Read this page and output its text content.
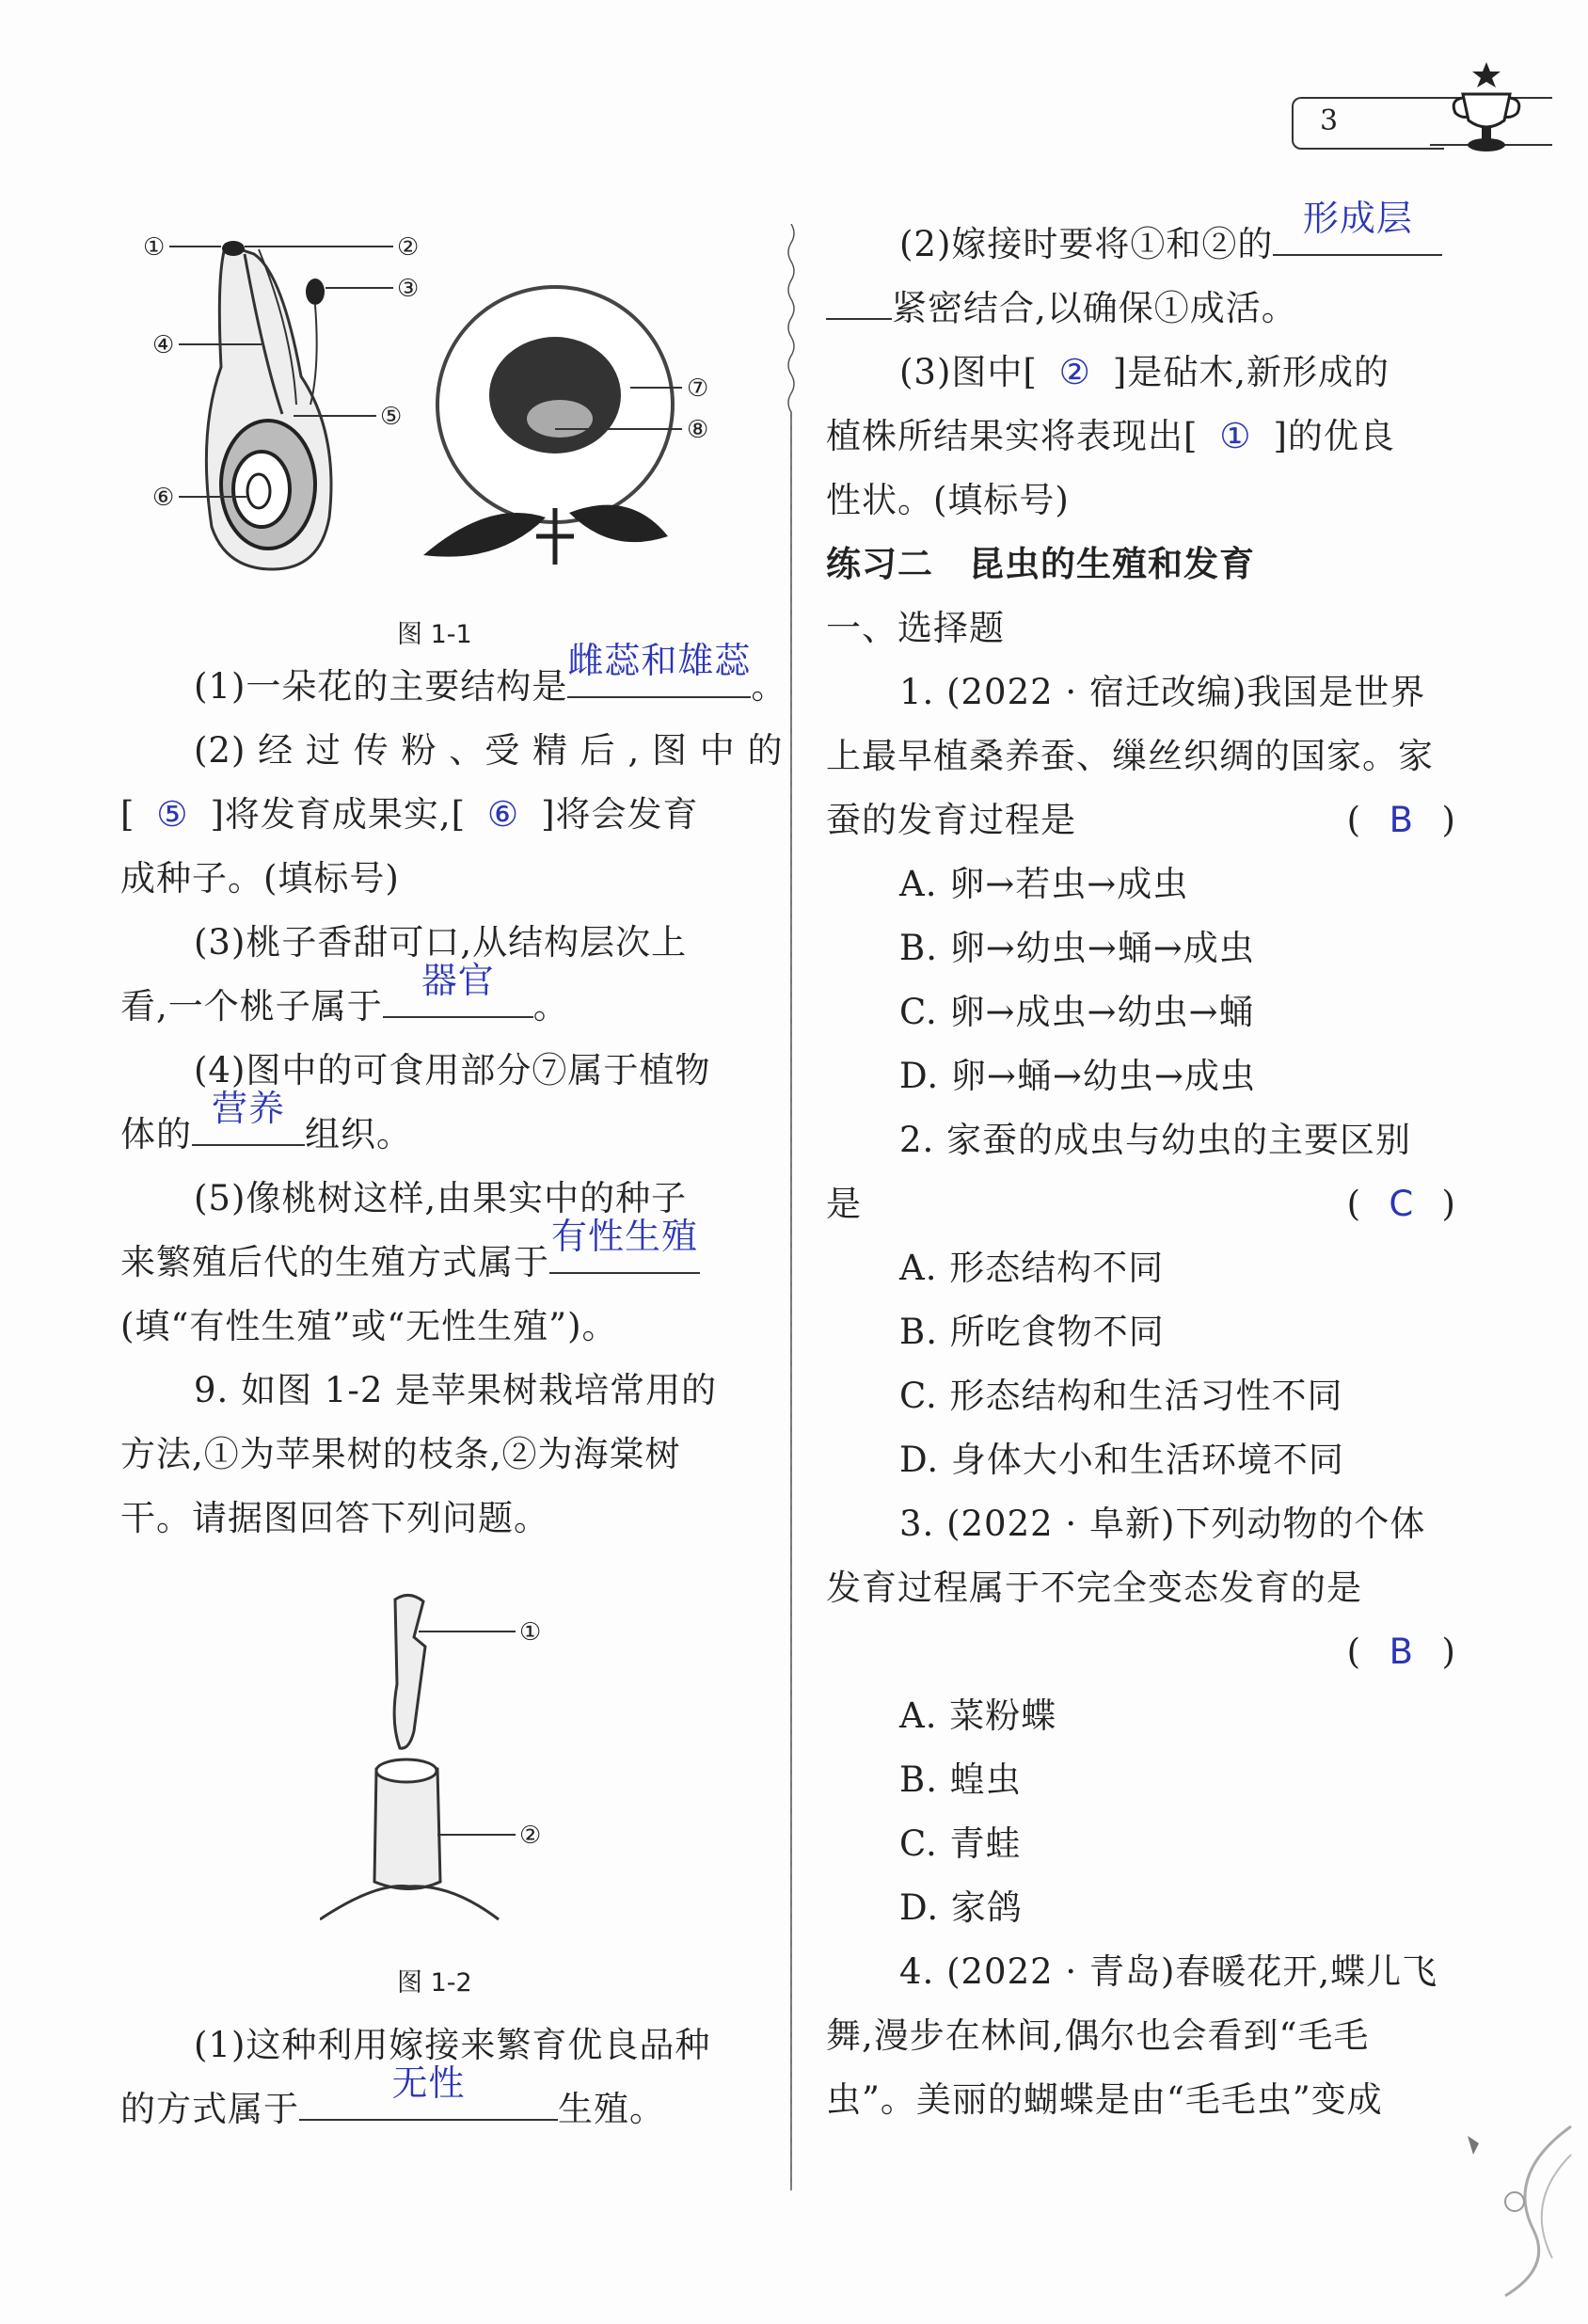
3
①	②
③
④
⑤
⑥
⑦
⑧
图 1-1

(1)一朵花的主要结构是
雌蕊和雄蕊
。

(2) 经 过 传 粉 、受 精 后 , 图 中 的

[ ⑤ ]将发育成果实,[ ⑥ ]将会发育

成种子。(填标号)

(3)桃子香甜可口,从结构层次上

看,一个桃子属于
器官
。

(4)图中的可食用部分⑦属于植物

体的
营养
组织。

(5)像桃树这样,由果实中的种子

来繁殖后代的生殖方式属于
有性生殖

(填“有性生殖”或“无性生殖”)。

9. 如图 1-2 是苹果树栽培常用的

方法,①为苹果树的枝条,②为海棠树

干。请据图回答下列问题。

①
②
图 1-2

(1)这种利用嫁接来繁育优良品种

的方式属于
无性
生殖。

(2)嫁接时要将①和②的
形成层

紧密结合,以确保①成活。

(3)图中[ ② ]是砧木,新形成的

植株所结果实将表现出[ ① ]的优良

性状。(填标号)

练习二　昆虫的生殖和发育

一、选择题

1. (2022 · 宿迁改编)我国是世界

上最早植桑养蚕、缫丝织绸的国家。家

蚕的发育过程是	( B )

A. 卵→若虫→成虫

B. 卵→幼虫→蛹→成虫

C. 卵→成虫→幼虫→蛹

D. 卵→蛹→幼虫→成虫

2. 家蚕的成虫与幼虫的主要区别

是	( C )

A. 形态结构不同

B. 所吃食物不同

C. 形态结构和生活习性不同

D. 身体大小和生活环境不同

3. (2022 · 阜新)下列动物的个体

发育过程属于不完全变态发育的是

( B )

A. 菜粉蝶

B. 蝗虫

C. 青蛙

D. 家鸽

4. (2022 · 青岛)春暖花开,蝶儿飞

舞,漫步在林间,偶尔也会看到“毛毛

虫”。美丽的蝴蝶是由“毛毛虫”变成
